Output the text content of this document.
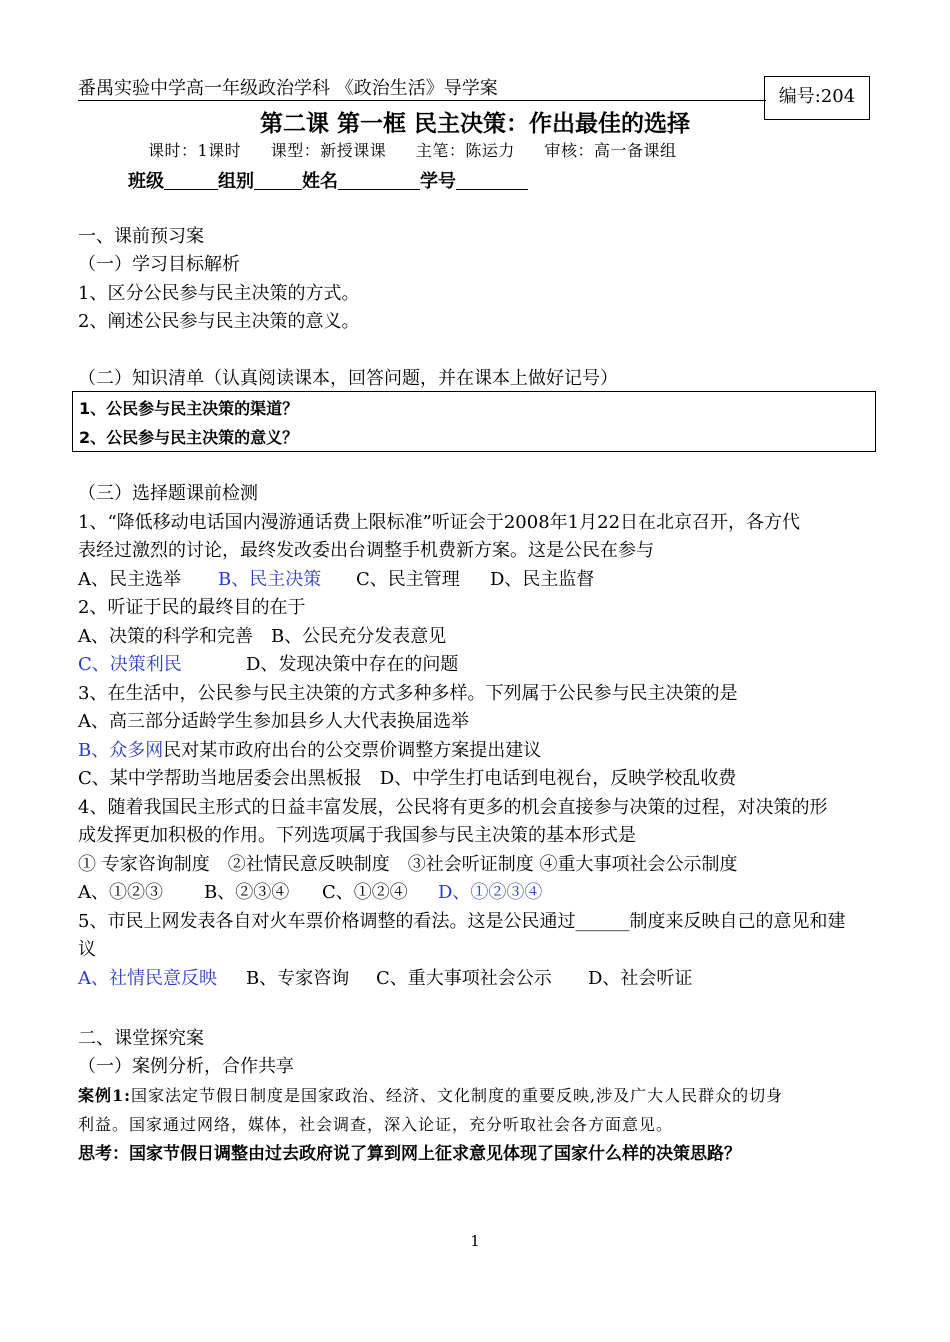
番禺实验中学高一年级政治学科 《政治生活》导学案	编号:204
第二课 第一框 民主决策：作出最佳的选择
课时：1课时 课型：新授课课 主笔：陈运力 审核：高一备课组
班级	组别	姓名	学号
一、课前预习案
（一）学习目标解析
1、区分公民参与民主决策的方式。
2、阐述公民参与民主决策的意义。
（二）知识清单（认真阅读课本，回答问题，并在课本上做好记号）
1、公民参与民主决策的渠道？
2、公民参与民主决策的意义？
（三）选择题课前检测
1、“降低移动电话国内漫游通话费上限标准”听证会于2008年1月22日在北京召开，各方代
表经过激烈的讨论，最终发改委出台调整手机费新方案。这是公民在参与
A、民主选举 B、民主决策 C、民主管理 D、民主监督
2、听证于民的最终目的在于
A、决策的科学和完善　B、公民充分发表意见
C、决策利民	D、发现决策中存在的问题
3、在生活中，公民参与民主决策的方式多种多样。下列属于公民参与民主决策的是
A、高三部分适龄学生参加县乡人大代表换届选举
B、众多网民对某市政府出台的公交票价调整方案提出建议
C、某中学帮助当地居委会出黑板报　D、中学生打电话到电视台，反映学校乱收费
4、随着我国民主形式的日益丰富发展，公民将有更多的机会直接参与决策的过程，对决策的形
成发挥更加积极的作用。下列选项属于我国参与民主决策的基本形式是
① 专家咨询制度　②社情民意反映制度　③社会听证制度 ④重大事项社会公示制度
A、①②③ B、②③④ C、①②④ D、①②③④
5、市民上网发表各自对火车票价格调整的看法。这是公民通过______制度来反映自己的意见和建
议
A、社情民意反映 B、专家咨询 C、重大事项社会公示 D、社会听证
二、课堂探究案
（一）案例分析，合作共享
案例1:国家法定节假日制度是国家政治、经济、文化制度的重要反映,涉及广大人民群众的切身
利益。国家通过网络，媒体，社会调查，深入论证，充分听取社会各方面意见。
思考：国家节假日调整由过去政府说了算到网上征求意见体现了国家什么样的决策思路？
1
